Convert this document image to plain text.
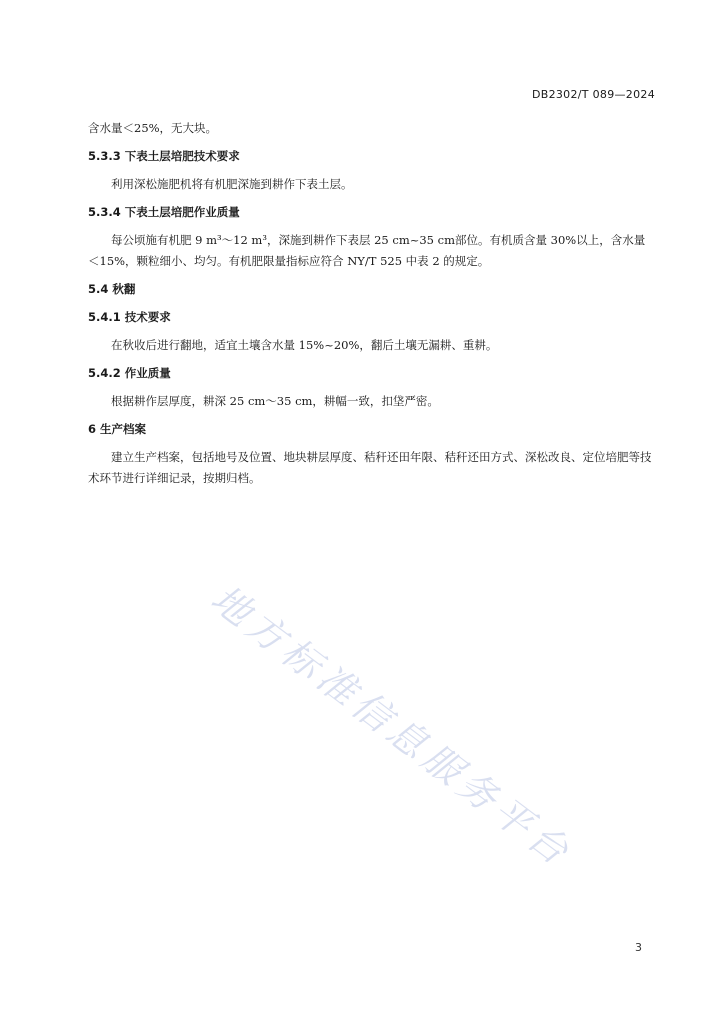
DB2302/T 089—2024

含水量＜25%，无大块。

5.3.3 下表土层培肥技术要求

利用深松施肥机将有机肥深施到耕作下表土层。

5.3.4 下表土层培肥作业质量

每公顷施有机肥 9 m³～12 m³，深施到耕作下表层 25 cm~35 cm部位。有机质含量 30%以上，含水量＜15%，颗粒细小、均匀。有机肥限量指标应符合 NY/T 525 中表 2 的规定。

5.4 秋翻

5.4.1 技术要求

在秋收后进行翻地，适宜土壤含水量 15%~20%，翻后土壤无漏耕、重耕。

5.4.2 作业质量

根据耕作层厚度，耕深 25 cm～35 cm，耕幅一致，扣垡严密。

6 生产档案

建立生产档案，包括地号及位置、地块耕层厚度、秸秆还田年限、秸秆还田方式、深松改良、定位培肥等技术环节进行详细记录，按期归档。

地方标准信息服务平台
3
